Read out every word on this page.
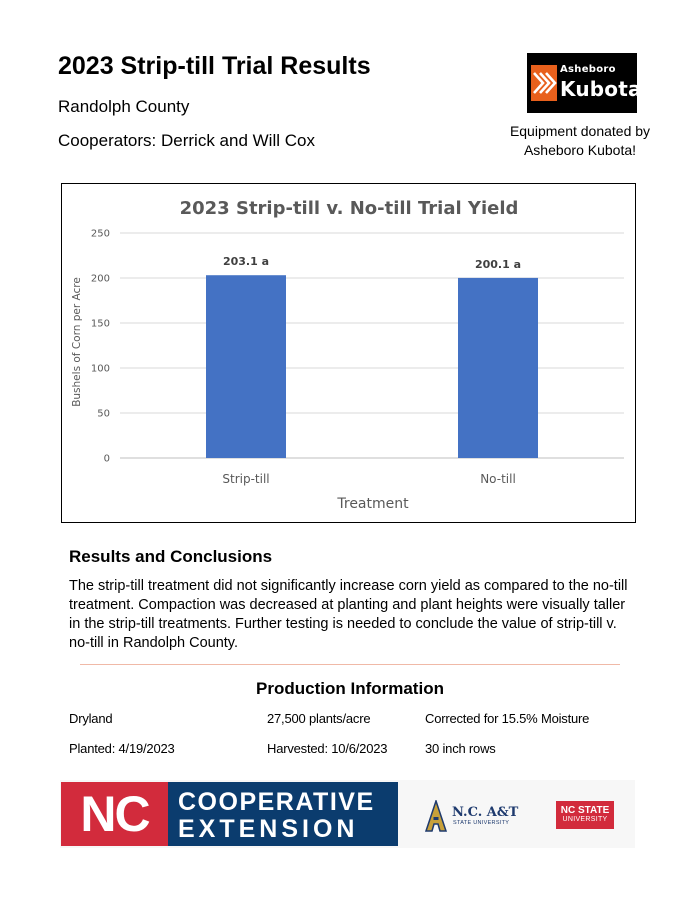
2023 Strip-till Trial Results
Randolph County
Cooperators: Derrick and Will Cox
Asheboro
Kubota
Equipment donated by
Asheboro Kubota!
2023 Strip-till v. No-till Trial Yield
0
50
100
150
200
250
203.1 a
Strip-till
200.1 a
No-till
Bushels of Corn per Acre
Treatment
Results and Conclusions
The strip-till treatment did not significantly increase corn yield as compared to the no-till treatment. Compaction was decreased at planting and plant heights were visually taller in the strip-till treatments. Further testing is needed to conclude the value of strip-till v. no-till in Randolph County.
Production Information
Dryland	27,500 plants/acre	Corrected for 15.5% Moisture
Planted: 4/19/2023	Harvested: 10/6/2023	30 inch rows
NC	COOPERATIVE
EXTENSION
N.C. A&T
STATE UNIVERSITY
NC STATE
UNIVERSITY
